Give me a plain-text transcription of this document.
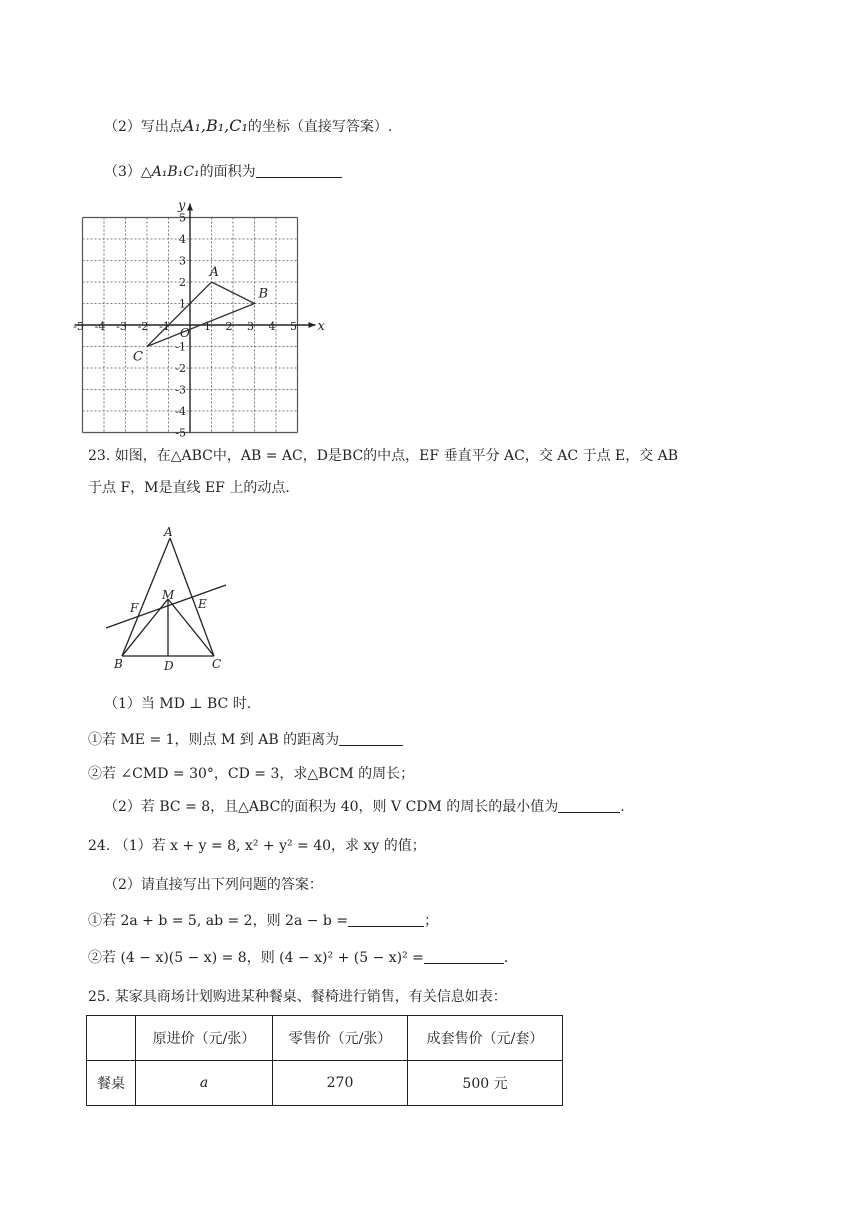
（2）写出点A₁,B₁,C₁的坐标（直接写答案）.
（3）△A₁B₁C₁的面积为
x
y
O
-5 -4 -3 -2 -1	1 2 3 4 5
5
4
3
2
1
-1
-2
-3
-4
-5
A
B
C
23. 如图，在△ABC中，AB = AC，D是BC的中点，EF 垂直平分 AC，交 AC 于点 E，交 AB
于点 F，M是直线 EF 上的动点.
A
B	C
D
E
F
M
（1）当 MD ⊥ BC 时.
①若 ME = 1，则点 M 到 AB 的距离为
②若 ∠CMD = 30°，CD = 3，求△BCM 的周长；
（2）若 BC = 8，且△ABC的面积为 40，则 V CDM 的周长的最小值为	.
24. （1）若 x + y = 8, x² + y² = 40，求 xy 的值；
（2）请直接写出下列问题的答案：
①若 2a + b = 5, ab = 2，则 2a − b =	；
②若 (4 − x)(5 − x) = 8，则 (4 − x)² + (5 − x)² =	.
25. 某家具商场计划购进某种餐桌、餐椅进行销售，有关信息如表：
	原进价（元/张）	零售价（元/张）	成套售价（元/套）
餐桌	a	270	500 元
